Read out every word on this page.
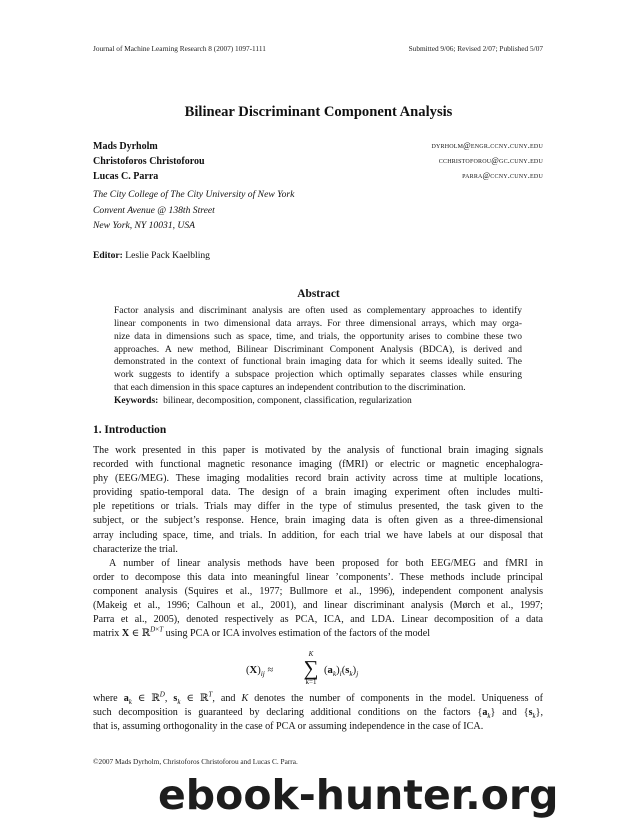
Journal of Machine Learning Research 8 (2007) 1097-1111	Submitted 9/06; Revised 2/07; Published 5/07
Bilinear Discriminant Component Analysis
Mads Dyrholm	dyrholm@engr.ccny.cuny.edu
Christoforos Christoforou	cchristoforou@gc.cuny.edu
Lucas C. Parra	parra@ccny.cuny.edu
The City College of The City University of New York
Convent Avenue @ 138th Street
New York, NY 10031, USA
Editor: Leslie Pack Kaelbling
Abstract
Factor analysis and discriminant analysis are often used as complementary approaches to identify
linear components in two dimensional data arrays. For three dimensional arrays, which may orga-
nize data in dimensions such as space, time, and trials, the opportunity arises to combine these two
approaches. A new method, Bilinear Discriminant Component Analysis (BDCA), is derived and
demonstrated in the context of functional brain imaging data for which it seems ideally suited. The
work suggests to identify a subspace projection which optimally separates classes while ensuring
that each dimension in this space captures an independent contribution to the discrimination.
Keywords: bilinear, decomposition, component, classification, regularization
1. Introduction
The work presented in this paper is motivated by the analysis of functional brain imaging signals
recorded with functional magnetic resonance imaging (fMRI) or electric or magnetic encephalogra-
phy (EEG/MEG). These imaging modalities record brain activity across time at multiple locations,
providing spatio-temporal data. The design of a brain imaging experiment often includes multi-
ple repetitions or trials. Trials may differ in the type of stimulus presented, the task given to the
subject, or the subject’s response. Hence, brain imaging data is often given as a three-dimensional
array including space, time, and trials. In addition, for each trial we have labels at our disposal that
characterize the trial.
A number of linear analysis methods have been proposed for both EEG/MEG and fMRI in
order to decompose this data into meaningful linear ’components’. These methods include principal
component analysis (Squires et al., 1977; Bullmore et al., 1996), independent component analysis
(Makeig et al., 1996; Calhoun et al., 2001), and linear discriminant analysis (Mørch et al., 1997;
Parra et al., 2005), denoted respectively as PCA, ICA, and LDA. Linear decomposition of a data
matrix X ∈ ℝ$^{D\times T}$ using PCA or ICA involves estimation of the factors of the model
$(X)_{ij}$ ≈
K
∑
k=1
$(a_k)_i(s_k)_j$
where $a_k$ ∈ ℝ$^D$, $s_k$ ∈ ℝ$^T$, and K denotes the number of components in the model. Uniqueness of
such decomposition is guaranteed by declaring additional conditions on the factors $\{a_k\}$ and $\{s_k\}$,
that is, assuming orthogonality in the case of PCA or assuming independence in the case of ICA.
©2007 Mads Dyrholm, Christoforos Christoforou and Lucas C. Parra.
ebook-hunter.org
